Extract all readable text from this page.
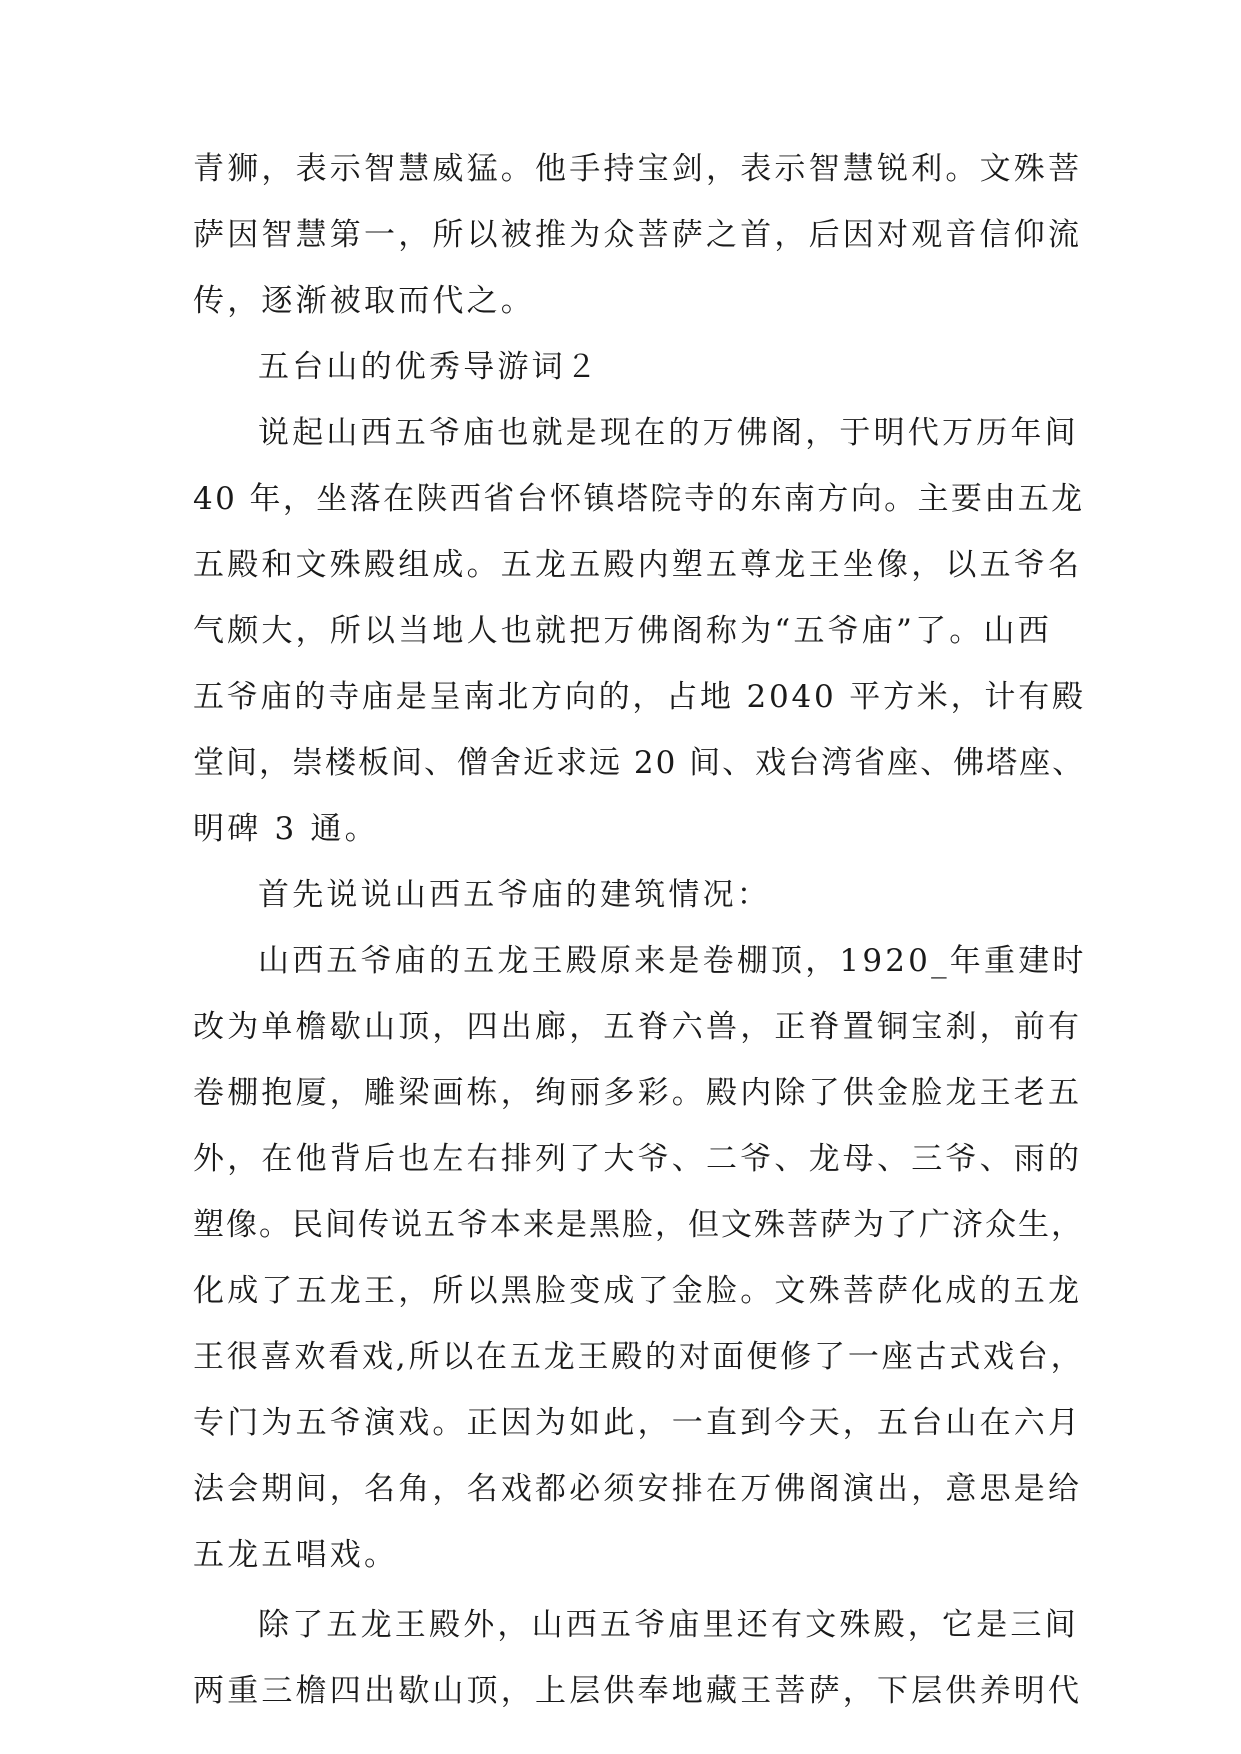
青狮，表示智慧威猛。他手持宝剑，表示智慧锐利。文殊菩
萨因智慧第一，所以被推为众菩萨之首，后因对观音信仰流
传，逐渐被取而代之。
五台山的优秀导游词２
说起山西五爷庙也就是现在的万佛阁，于明代万历年间
40 年，坐落在陕西省台怀镇塔院寺的东南方向。主要由五龙
五殿和文殊殿组成。五龙五殿内塑五尊龙王坐像，以五爷名
气颇大，所以当地人也就把万佛阁称为“五爷庙”了。山西
五爷庙的寺庙是呈南北方向的，占地 2040 平方米，计有殿
堂间，崇楼板间、僧舍近求远 20 间、戏台湾省座、佛塔座、
明碑 3 通。
首先说说山西五爷庙的建筑情况：
山西五爷庙的五龙王殿原来是卷棚顶，1920_年重建时
改为单檐歇山顶，四出廊，五脊六兽，正脊置铜宝刹，前有
卷棚抱厦，雕梁画栋，绚丽多彩。殿内除了供金脸龙王老五
外，在他背后也左右排列了大爷、二爷、龙母、三爷、雨的
塑像。民间传说五爷本来是黑脸，但文殊菩萨为了广济众生，
化成了五龙王，所以黑脸变成了金脸。文殊菩萨化成的五龙
王很喜欢看戏,所以在五龙王殿的对面便修了一座古式戏台，
专门为五爷演戏。正因为如此，一直到今天，五台山在六月
法会期间，名角，名戏都必须安排在万佛阁演出，意思是给
五龙五唱戏。
除了五龙王殿外，山西五爷庙里还有文殊殿，它是三间
两重三檐四出歇山顶，上层供奉地藏王菩萨，下层供养明代
